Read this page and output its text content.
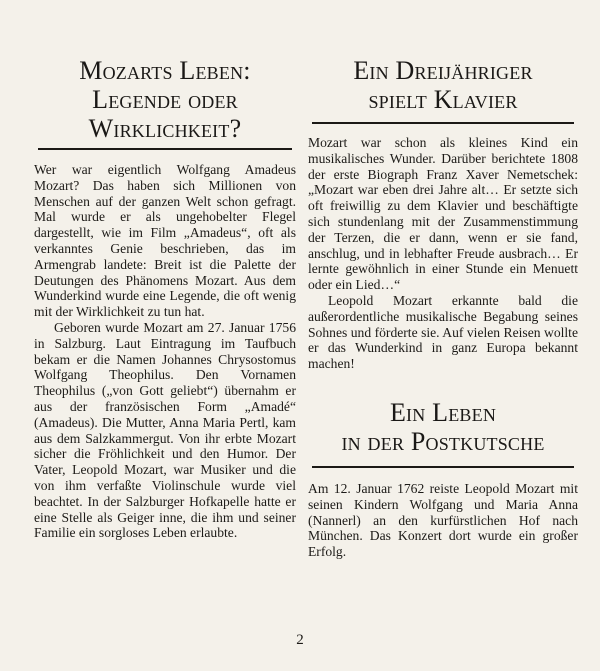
Mozarts Leben:
Legende oder
Wirklichkeit?

Wer war eigentlich Wolfgang Amadeus Mozart? Das haben sich Millionen von Menschen auf der ganzen Welt schon gefragt. Mal wurde er als ungehobelter Flegel dargestellt, wie im Film „Amadeus“, oft als verkanntes Genie beschrieben, das im Armengrab landete: Breit ist die Palette der Deutungen des Phänomens Mozart. Aus dem Wunderkind wurde eine Legende, die oft wenig mit der Wirklichkeit zu tun hat.

Geboren wurde Mozart am 27. Januar 1756 in Salzburg. Laut Eintragung im Taufbuch bekam er die Namen Johannes Chrysostomus Wolfgang Theophilus. Den Vornamen Theophilus („von Gott geliebt“) übernahm er aus der französischen Form „Amadé“ (Amadeus). Die Mutter, Anna Maria Pertl, kam aus dem Salzkammergut. Von ihr erbte Mozart sicher die Fröhlichkeit und den Humor. Der Vater, Leopold Mozart, war Musiker und die von ihm verfaßte Violinschule wurde viel beachtet. In der Salzburger Hofkapelle hatte er eine Stelle als Geiger inne, die ihm und seiner Familie ein sorgloses Leben erlaubte.

Ein Dreijähriger
spielt Klavier

Mozart war schon als kleines Kind ein musikalisches Wunder. Darüber berichtete 1808 der erste Biograph Franz Xaver Nemetschek: „Mozart war eben drei Jahre alt… Er setzte sich oft freiwillig zu dem Klavier und beschäftigte sich stundenlang mit der Zusammenstimmung der Terzen, die er dann, wenn er sie fand, anschlug, und in lebhafter Freude ausbrach… Er lernte gewöhnlich in einer Stunde ein Menuett oder ein Lied…“

Leopold Mozart erkannte bald die außerordentliche musikalische Begabung seines Sohnes und förderte sie. Auf vielen Reisen wollte er das Wunderkind in ganz Europa bekannt machen!

Ein Leben
in der Postkutsche

Am 12. Januar 1762 reiste Leopold Mozart mit seinen Kindern Wolfgang und Maria Anna (Nannerl) an den kurfürstlichen Hof nach München. Das Konzert dort wurde ein großer Erfolg.

2
